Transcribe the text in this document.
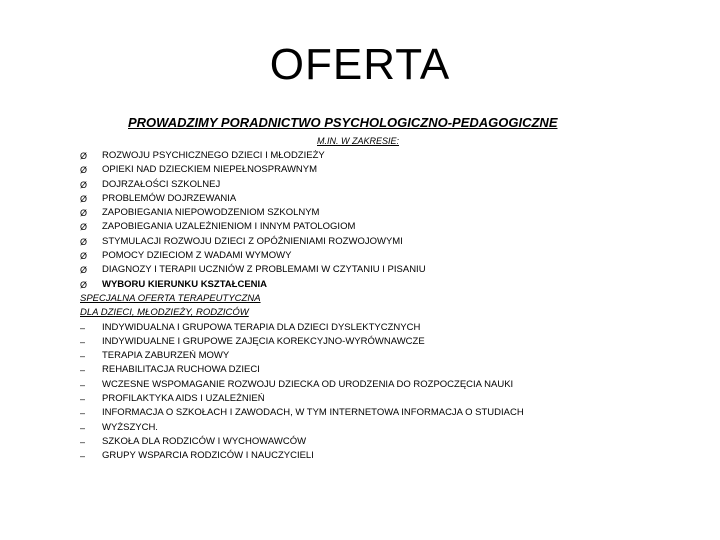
OFERTA
PROWADZIMY PORADNICTWO PSYCHOLOGICZNO-PEDAGOGICZNE
M.IN. W ZAKRESIE:
Ø	ROZWOJU PSYCHICZNEGO DZIECI I MŁODZIEŻY
Ø	OPIEKI NAD DZIECKIEM NIEPEŁNOSPRAWNYM
Ø	DOJRZAŁOŚCI SZKOLNEJ
Ø	PROBLEMÓW DOJRZEWANIA
Ø	ZAPOBIEGANIA NIEPOWODZENIOM SZKOLNYM
Ø	ZAPOBIEGANIA UZALEŻNIENIOM I INNYM PATOLOGIOM
Ø	STYMULACJI ROZWOJU DZIECI Z OPÓŹNIENIAMI ROZWOJOWYMI
Ø	POMOCY DZIECIOM Z WADAMI WYMOWY
Ø	DIAGNOZY I TERAPII UCZNIÓW Z PROBLEMAMI W CZYTANIU I PISANIU
Ø	WYBORU KIERUNKU KSZTAŁCENIA
SPECJALNA OFERTA TERAPEUTYCZNA
DLA DZIECI, MŁODZIEŻY, RODZICÓW
–	INDYWIDUALNA I GRUPOWA TERAPIA DLA DZIECI DYSLEKTYCZNYCH
–	INDYWIDUALNE I GRUPOWE ZAJĘCIA KOREKCYJNO-WYRÓWNAWCZE
–	TERAPIA ZABURZEŃ MOWY
–	REHABILITACJA RUCHOWA DZIECI
–	WCZESNE WSPOMAGANIE ROZWOJU DZIECKA OD URODZENIA DO ROZPOCZĘCIA NAUKI
–	PROFILAKTYKA AIDS I UZALEŻNIEŃ
–	INFORMACJA O SZKOŁACH I ZAWODACH, W TYM INTERNETOWA INFORMACJA O STUDIACH
–	WYŻSZYCH.
–	SZKOŁA DLA RODZICÓW I WYCHOWAWCÓW
–	GRUPY WSPARCIA RODZICÓW I NAUCZYCIELI
